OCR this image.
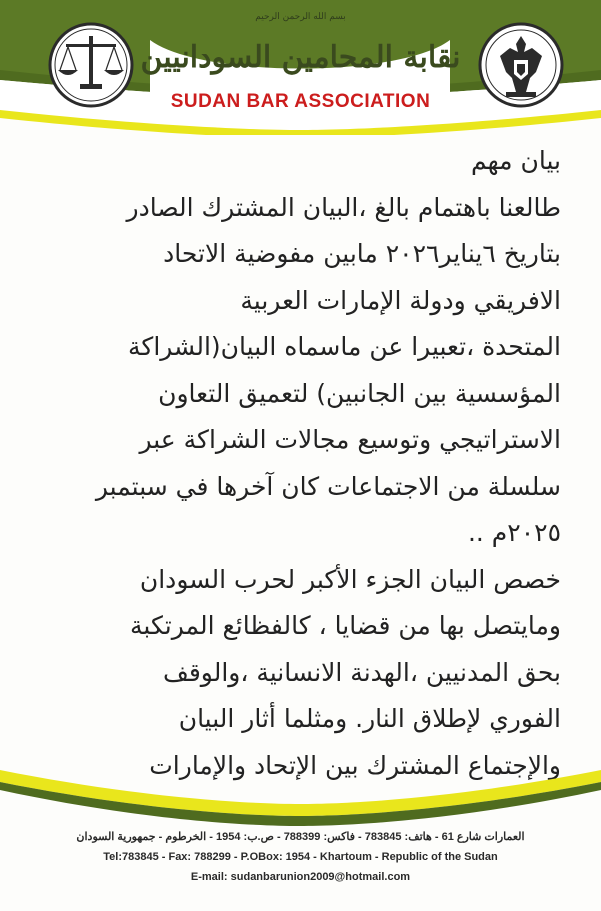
بسم الله الرحمن الرحيم
نقابة المحامين السودانيين
SUDAN BAR ASSOCIATION
بيان مهم
طالعنا باهتمام بالغ ،البيان المشترك الصادر
بتاريخ ٦يناير٢٠٢٦ مابين مفوضية الاتحاد
الافريقي ودولة الإمارات العربية
المتحدة ،تعبيرا عن ماسماه البيان(الشراكة
المؤسسية بين الجانبين) لتعميق التعاون
الاستراتيجي وتوسيع مجالات الشراكة عبر
سلسلة من الاجتماعات كان آخرها في سبتمبر
٢٠٢٥م ..
خصص البيان الجزء الأكبر لحرب السودان
ومايتصل بها من قضايا ، كالفظائع المرتكبة
بحق المدنيين ،الهدنة الانسانية ،والوقف
الفوري لإطلاق النار. ومثلما أثار البيان
والإجتماع المشترك بين الإتحاد والإمارات
العمارات شارع 61 - هاتف: 783845 - فاكس: 788399 - ص.ب: 1954 - الخرطوم - جمهورية السودان
Tel:783845 - Fax: 788299 - P.OBox: 1954 - Khartoum - Republic of the Sudan
E-mail: sudanbarunion2009@hotmail.com
